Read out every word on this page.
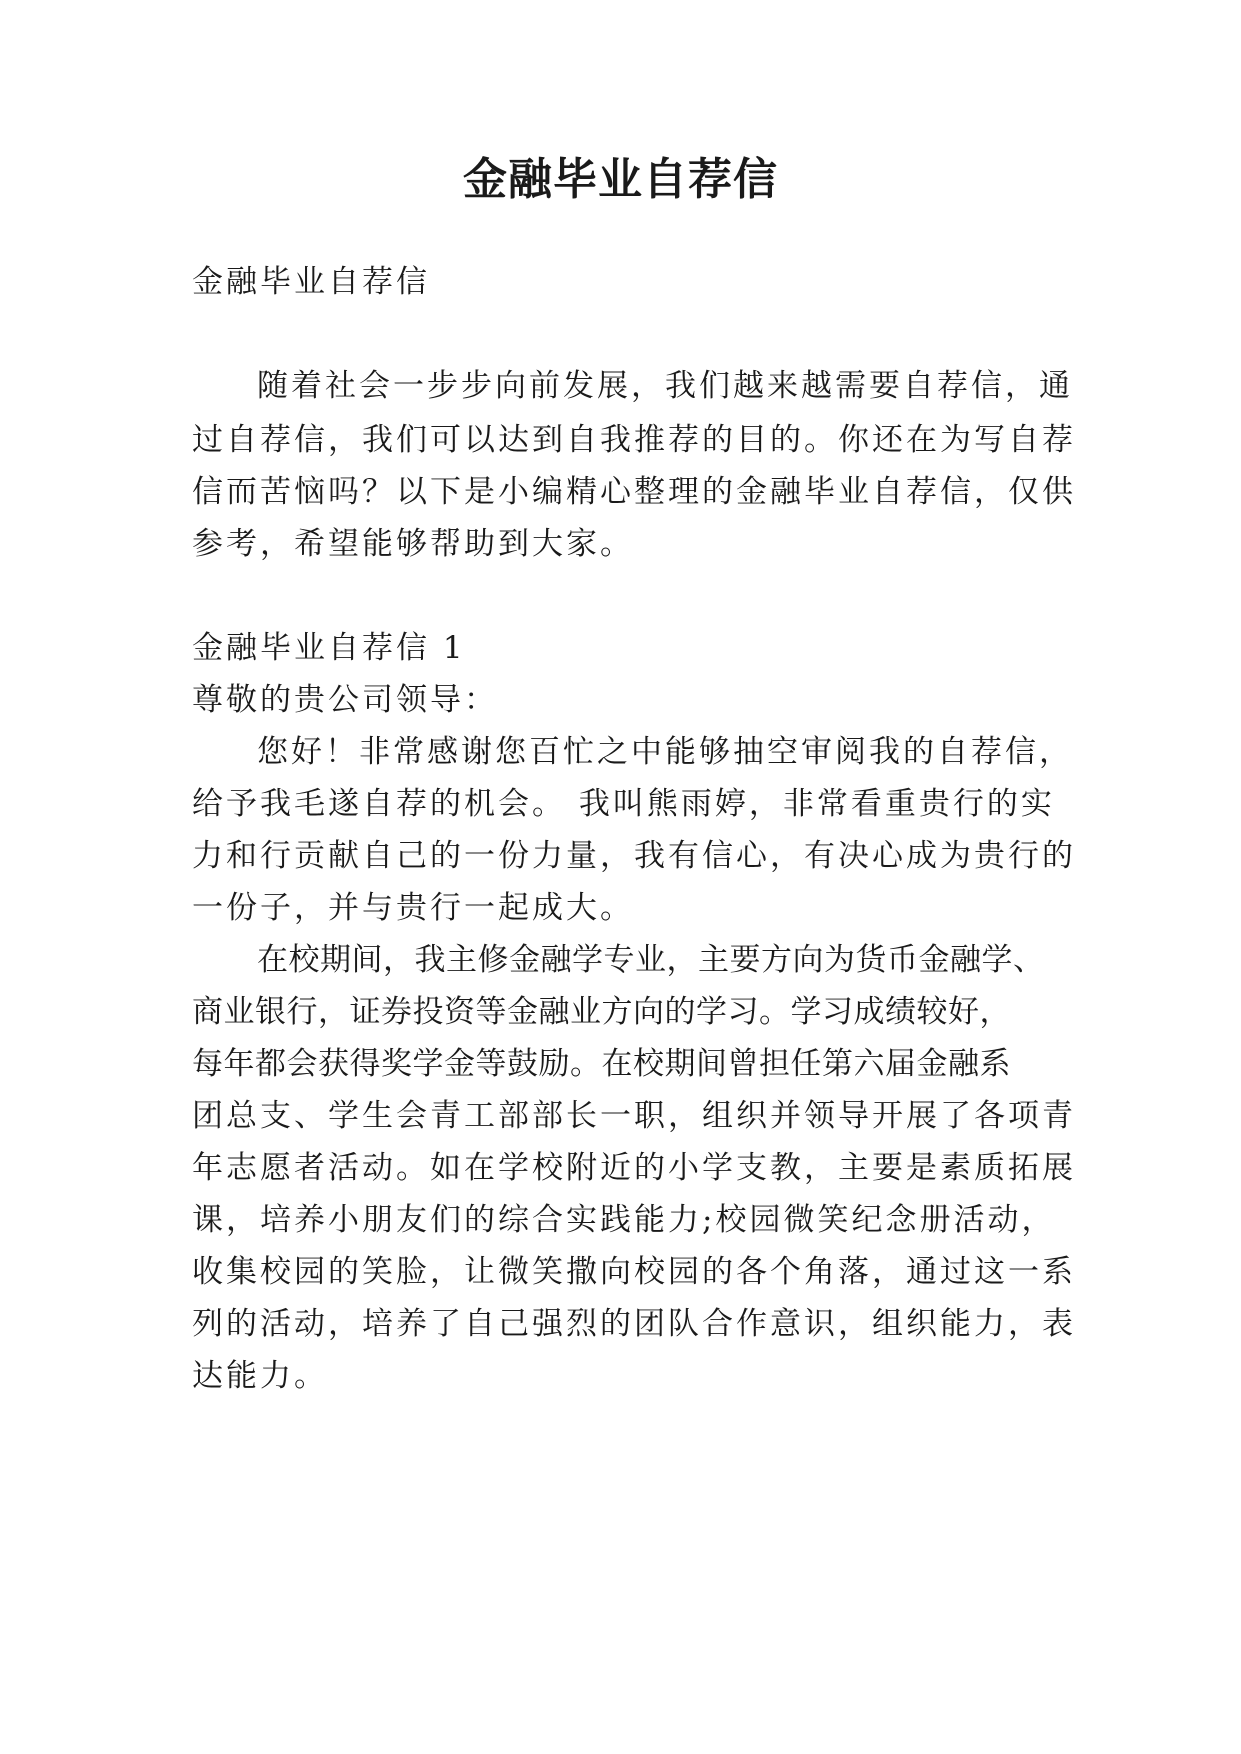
金融毕业自荐信
金融毕业自荐信
随着社会一步步向前发展，我们越来越需要自荐信，通
过自荐信，我们可以达到自我推荐的目的。你还在为写自荐
信而苦恼吗？以下是小编精心整理的金融毕业自荐信，仅供
参考，希望能够帮助到大家。
金融毕业自荐信 1
尊敬的贵公司领导：
您好！非常感谢您百忙之中能够抽空审阅我的自荐信，
给予我毛遂自荐的机会。 我叫熊雨婷，非常看重贵行的实
力和行贡献自己的一份力量，我有信心，有决心成为贵行的
一份子，并与贵行一起成大。
在校期间，我主修金融学专业，主要方向为货币金融学、
商业银行，证券投资等金融业方向的学习。学习成绩较好，
每年都会获得奖学金等鼓励。在校期间曾担任第六届金融系
团总支、学生会青工部部长一职，组织并领导开展了各项青
年志愿者活动。如在学校附近的小学支教，主要是素质拓展
课，培养小朋友们的综合实践能力;校园微笑纪念册活动，
收集校园的笑脸，让微笑撒向校园的各个角落，通过这一系
列的活动，培养了自己强烈的团队合作意识，组织能力，表
达能力。
